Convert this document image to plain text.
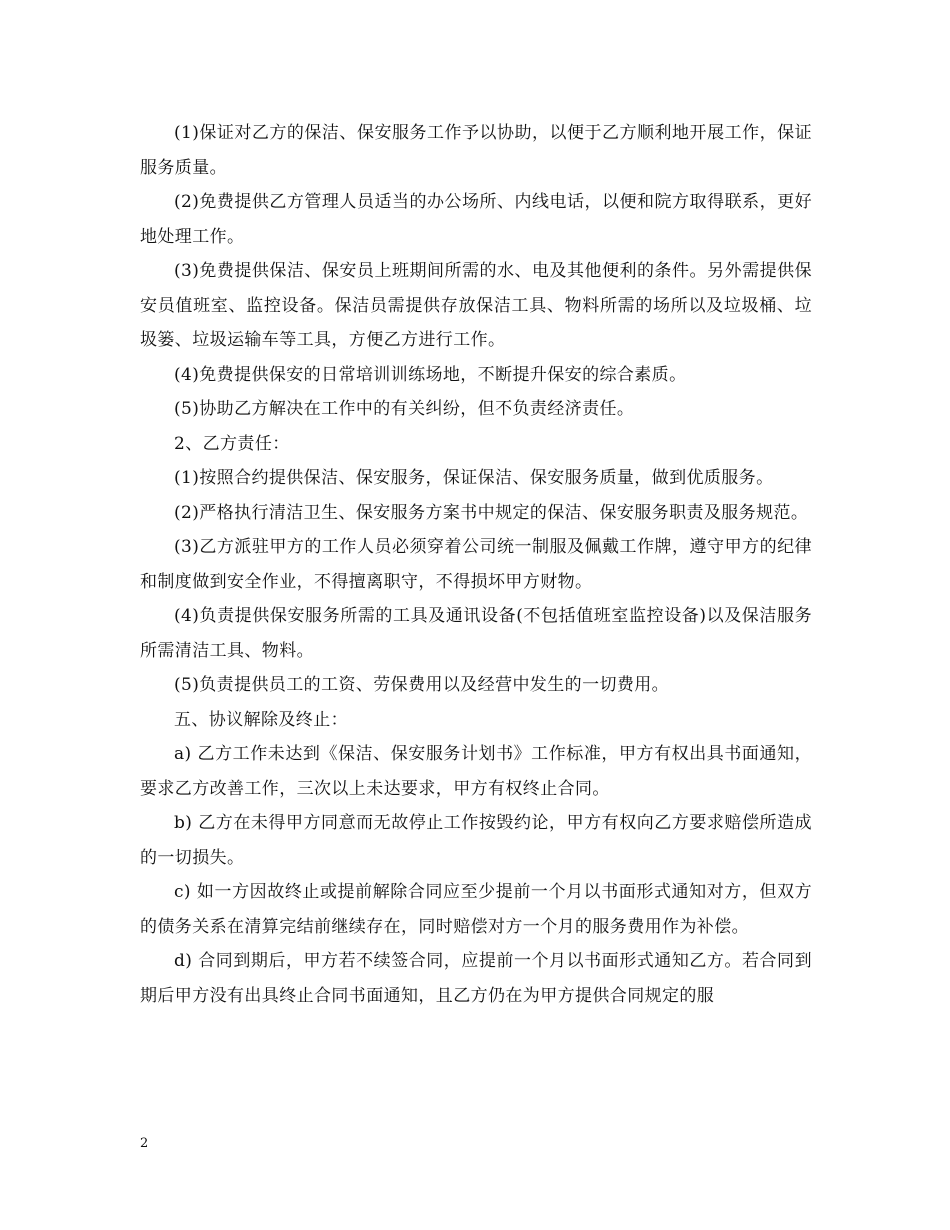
(1)保证对乙方的保洁、保安服务工作予以协助，以便于乙方顺利地开展工作，保证服务质量。

(2)免费提供乙方管理人员适当的办公场所、内线电话，以便和院方取得联系，更好地处理工作。

(3)免费提供保洁、保安员上班期间所需的水、电及其他便利的条件。另外需提供保安员值班室、监控设备。保洁员需提供存放保洁工具、物料所需的场所以及垃圾桶、垃圾篓、垃圾运输车等工具，方便乙方进行工作。

(4)免费提供保安的日常培训训练场地，不断提升保安的综合素质。

(5)协助乙方解决在工作中的有关纠纷，但不负责经济责任。

2、乙方责任：

(1)按照合约提供保洁、保安服务，保证保洁、保安服务质量，做到优质服务。

(2)严格执行清洁卫生、保安服务方案书中规定的保洁、保安服务职责及服务规范。

(3)乙方派驻甲方的工作人员必须穿着公司统一制服及佩戴工作牌，遵守甲方的纪律和制度做到安全作业，不得擅离职守，不得损坏甲方财物。

(4)负责提供保安服务所需的工具及通讯设备(不包括值班室监控设备)以及保洁服务所需清洁工具、物料。

(5)负责提供员工的工资、劳保费用以及经营中发生的一切费用。

五、协议解除及终止：

a) 乙方工作未达到《保洁、保安服务计划书》工作标准，甲方有权出具书面通知，要求乙方改善工作，三次以上未达要求，甲方有权终止合同。

b) 乙方在未得甲方同意而无故停止工作按毁约论，甲方有权向乙方要求赔偿所造成的一切损失。

c) 如一方因故终止或提前解除合同应至少提前一个月以书面形式通知对方，但双方的债务关系在清算完结前继续存在，同时赔偿对方一个月的服务费用作为补偿。

d) 合同到期后，甲方若不续签合同，应提前一个月以书面形式通知乙方。若合同到期后甲方没有出具终止合同书面通知，且乙方仍在为甲方提供合同规定的服

2
